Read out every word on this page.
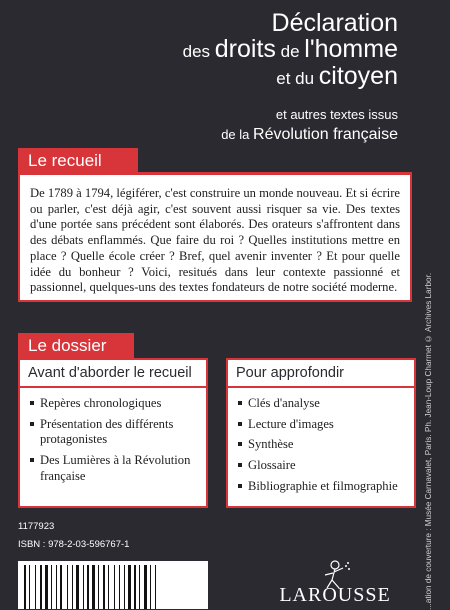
Déclaration
des droits de l'homme
et du citoyen
et autres textes issus
de la Révolution française
Le recueil
De 1789 à 1794, légiférer, c'est construire un monde nouveau. Et si écrire ou parler, c'est déjà agir, c'est souvent aussi risquer sa vie. Des textes d'une portée sans précédent sont élaborés. Des orateurs s'affrontent dans des débats enflammés. Que faire du roi ? Quelles institutions mettre en place ? Quelle école créer ? Bref, quel avenir inventer ? Et pour quelle idée du bonheur ? Voici, resitués dans leur contexte passionné et passionnel, quelques-uns des textes fondateurs de notre société moderne.
Le dossier
Avant d'aborder le recueil
Repères chronologiques
Présentation des différents protagonistes
Des Lumières à la Révolution française
Pour approfondir
Clés d'analyse
Lecture d'images
Synthèse
Glossaire
Bibliographie et filmographie	...ation de couverture : Musée Carnavalet, Paris. Ph. Jean-Loup Charmet © Archives Larbor.
1177923
ISBN : 978-2-03-596767-1
LAROUSSE
